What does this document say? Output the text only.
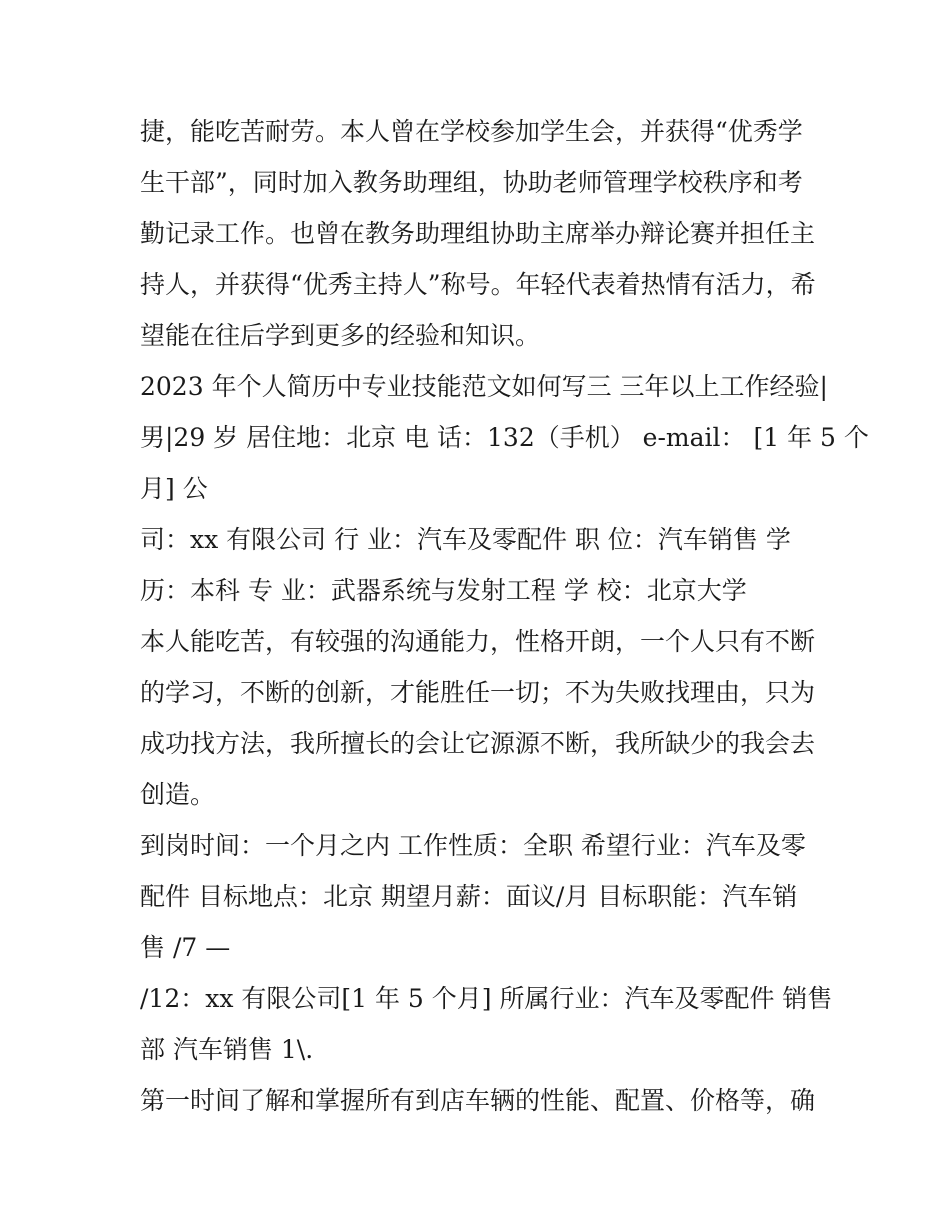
捷，能吃苦耐劳。本人曾在学校参加学生会，并获得“优秀学
生干部”，同时加入教务助理组，协助老师管理学校秩序和考
勤记录工作。也曾在教务助理组协助主席举办辩论赛并担任主
持人，并获得“优秀主持人”称号。年轻代表着热情有活力，希
望能在往后学到更多的经验和知识。
2023 年个人简历中专业技能范文如何写三 三年以上工作经验|
男|29 岁 居住地：北京 电 话：132（手机） e-mail： [1 年 5 个
月] 公
司：xx 有限公司 行 业：汽车及零配件 职 位：汽车销售 学
历：本科 专 业：武器系统与发射工程 学 校：北京大学
本人能吃苦，有较强的沟通能力，性格开朗，一个人只有不断
的学习，不断的创新，才能胜任一切；不为失败找理由，只为
成功找方法，我所擅长的会让它源源不断，我所缺少的我会去
创造。
到岗时间：一个月之内 工作性质：全职 希望行业：汽车及零
配件 目标地点：北京 期望月薪：面议/月 目标职能：汽车销
售 /7 —
/12：xx 有限公司[1 年 5 个月] 所属行业：汽车及零配件 销售
部 汽车销售 1\.
第一时间了解和掌握所有到店车辆的性能、配置、价格等，确
